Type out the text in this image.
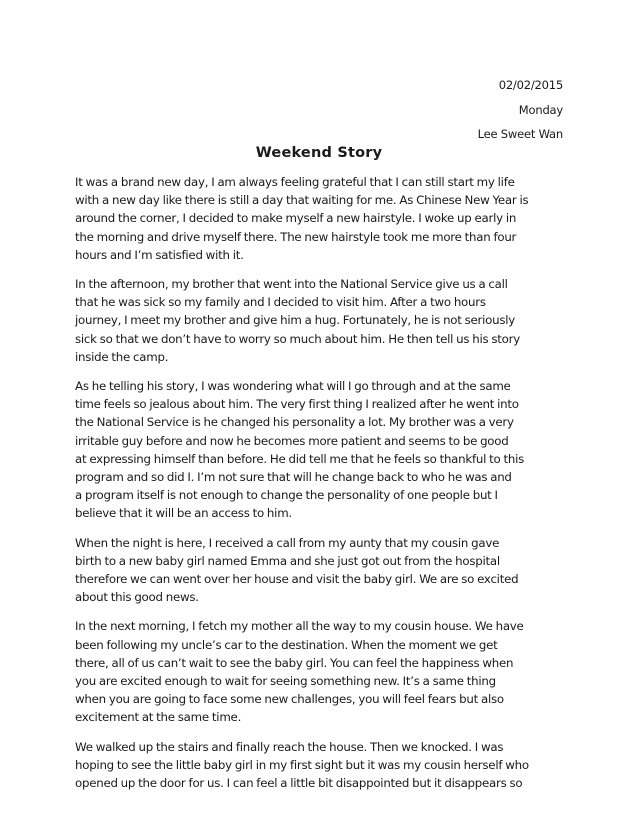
02/02/2015
Monday
Lee Sweet Wan
Weekend Story

It was a brand new day, I am always feeling grateful that I can still start my life
with a new day like there is still a day that waiting for me. As Chinese New Year is
around the corner, I decided to make myself a new hairstyle. I woke up early in
the morning and drive myself there. The new hairstyle took me more than four
hours and I’m satisfied with it.

In the afternoon, my brother that went into the National Service give us a call
that he was sick so my family and I decided to visit him. After a two hours
journey, I meet my brother and give him a hug. Fortunately, he is not seriously
sick so that we don’t have to worry so much about him. He then tell us his story
inside the camp.

As he telling his story, I was wondering what will I go through and at the same
time feels so jealous about him. The very first thing I realized after he went into
the National Service is he changed his personality a lot. My brother was a very
irritable guy before and now he becomes more patient and seems to be good
at expressing himself than before. He did tell me that he feels so thankful to this
program and so did I. I’m not sure that will he change back to who he was and
a program itself is not enough to change the personality of one people but I
believe that it will be an access to him.

When the night is here, I received a call from my aunty that my cousin gave
birth to a new baby girl named Emma and she just got out from the hospital
therefore we can went over her house and visit the baby girl. We are so excited
about this good news.

In the next morning, I fetch my mother all the way to my cousin house. We have
been following my uncle’s car to the destination. When the moment we get
there, all of us can’t wait to see the baby girl. You can feel the happiness when
you are excited enough to wait for seeing something new. It’s a same thing
when you are going to face some new challenges, you will feel fears but also
excitement at the same time.

We walked up the stairs and finally reach the house. Then we knocked. I was
hoping to see the little baby girl in my first sight but it was my cousin herself who
opened up the door for us. I can feel a little bit disappointed but it disappears so
